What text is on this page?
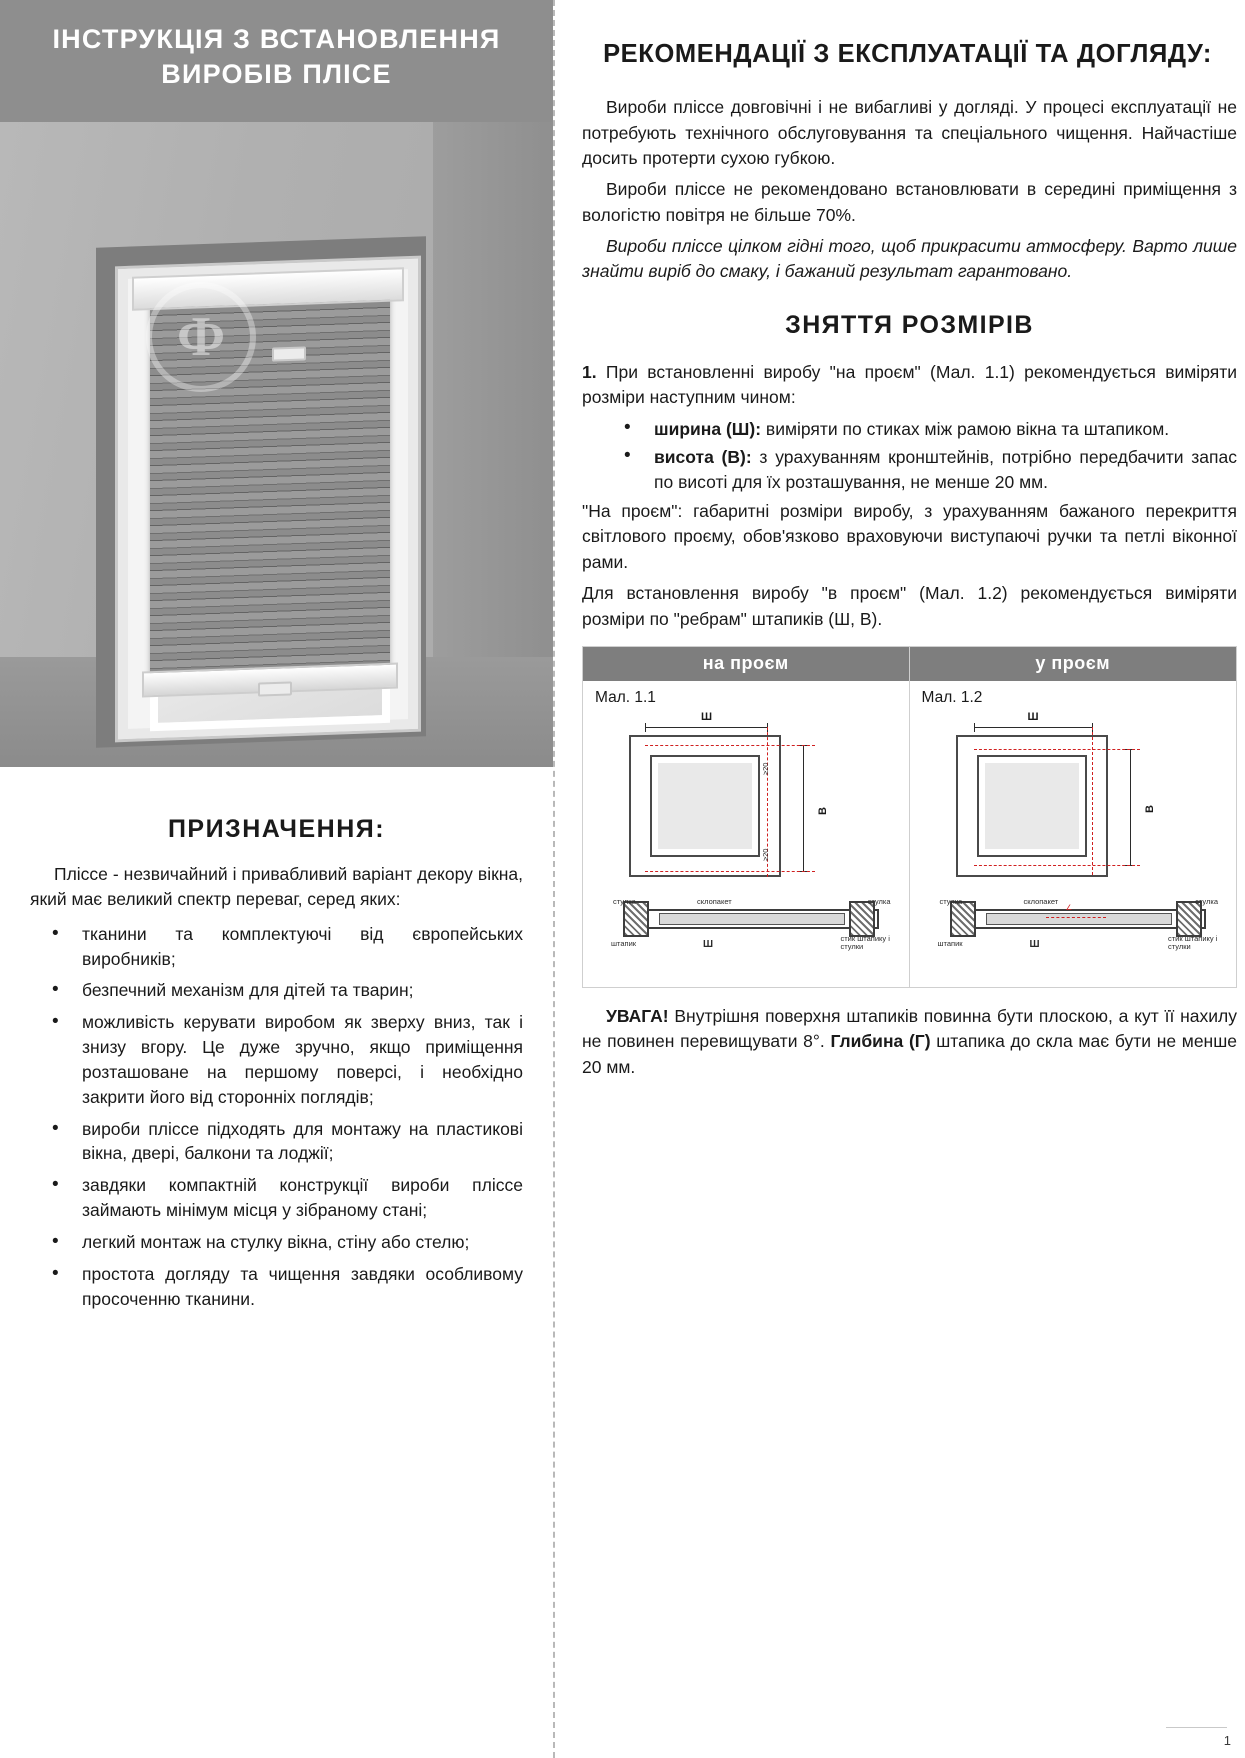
ІНСТРУКЦІЯ З ВСТАНОВЛЕННЯ ВИРОБІВ ПЛІСЕ
Ф
ПРИЗНАЧЕННЯ:

Пліссе - незвичайний і привабливий варіант декору вікна, який має великий спектр переваг, серед яких:

• тканини та комплектуючі від європейських виробників;
• безпечний механізм для дітей та тварин;
• можливість керувати виробом як зверху вниз, так і знизу вгору. Це дуже зручно, якщо приміщення розташоване на першому поверсі, і необхідно закрити його від сторонніх поглядів;
• вироби пліссе підходять для монтажу на пластикові вікна, двері, балкони та лоджії;
• завдяки компактній конструкції вироби пліссе займають мінімум місця у зібраному стані;
• легкий монтаж на стулку вікна, стіну або стелю;
• простота догляду та чищення завдяки особливому просоченню тканини.
РЕКОМЕНДАЦІЇ З ЕКСПЛУАТАЦІЇ ТА ДОГЛЯДУ:

Вироби пліссе довговічні і не вибагливі у догляді. У процесі експлуатації не потребують технічного обслуговування та спеціального чищення. Найчастіше досить протерти сухою губкою.

Вироби пліссе не рекомендовано встановлювати в середині приміщення з вологістю повітря не більше 70%.

Вироби пліссе цілком гідні того, щоб прикрасити атмосферу. Варто лише знайти виріб до смаку, і бажаний результат гарантовано.

ЗНЯТТЯ РОЗМІРІВ

1. При встановленні виробу "на проєм" (Мал. 1.1) рекомендується виміряти розміри наступним чином:

• ширина (Ш): виміряти по стиках між рамою вікна та штапиком.
• висота (В): з урахуванням кронштейнів, потрібно передбачити запас по висоті для їх розташування, не менше 20 мм.

"На проєм": габаритні розміри виробу, з урахуванням бажаного перекриття світлового проєму, обов'язково враховуючи виступаючі ручки та петлі віконної рами.

Для встановлення виробу "в проєм" (Мал. 1.2) рекомендується виміряти розміри по "ребрам" штапиків (Ш, В).

на проєм
Мал. 1.1
Ш
В
≥20
≥20
стулка	склопакет	стулка
штапик	Ш
стик штапику і стулки
у проєм
Мал. 1.2
Ш
В
стулка	склопакет	стулка
штапик	Ш
стик штапику і стулки
∠

УВАГА! Внутрішня поверхня штапиків повинна бути плоскою, а кут її нахилу не повинен перевищувати 8°. Глибина (Г) штапика до скла має бути не менше 20 мм.

Ф
1
